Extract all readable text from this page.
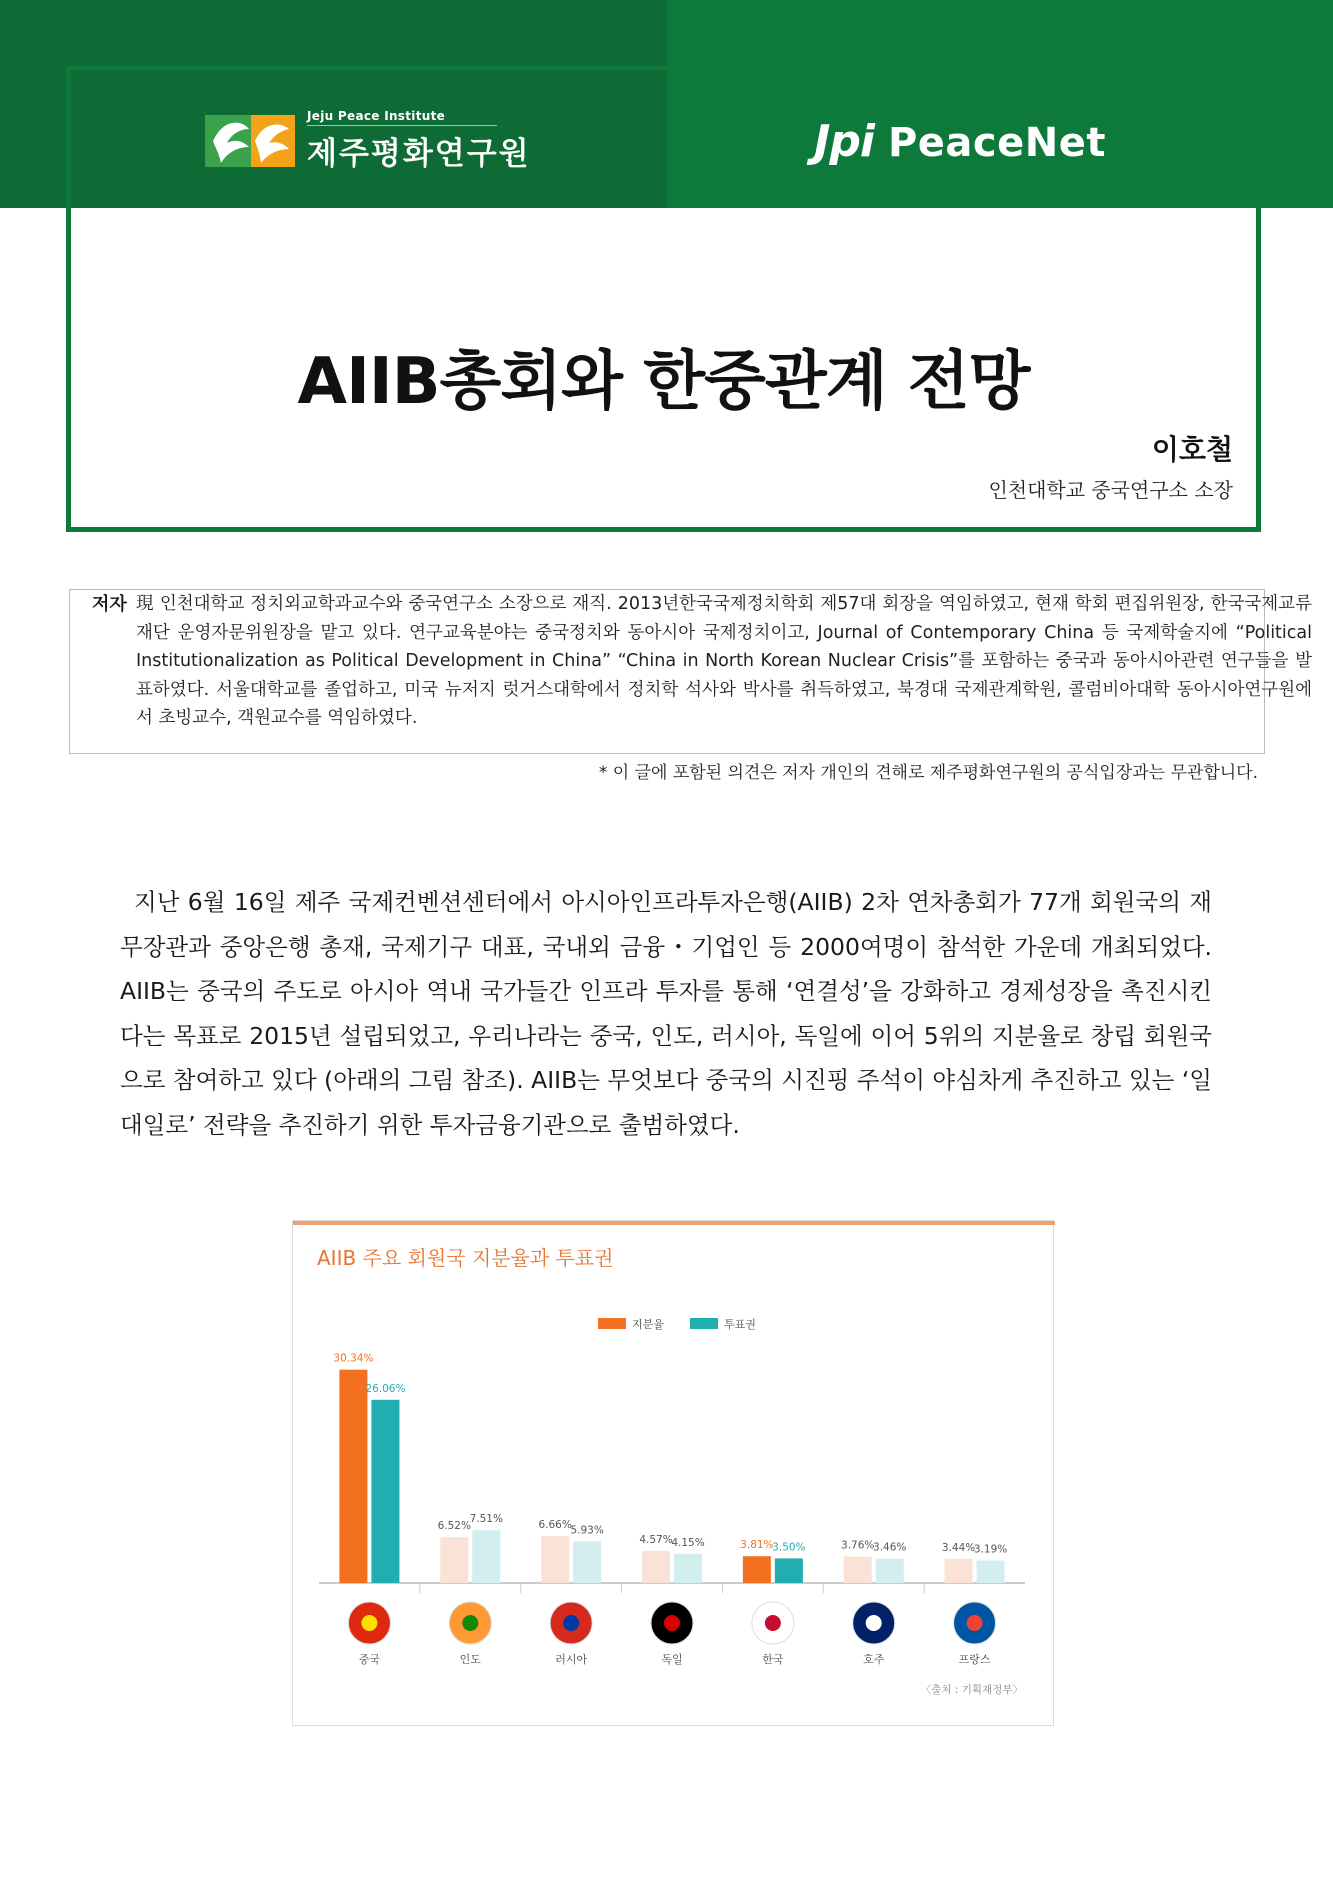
Jeju Peace Institute
제주평화연구원	Jpi PeaceNet
AIIB총회와 한중관계 전망
이호철
인천대학교 중국연구소 소장
저자 現 인천대학교 정치외교학과교수와 중국연구소 소장으로 재직. 2013년한국국제정치학회 제57대 회장을 역임하였고, 현재 학회 편집위원장, 한국국제교류재단 운영자문위원장을 맡고 있다. 연구교육분야는 중국정치와 동아시아 국제정치이고, Journal of Contemporary China 등 국제학술지에 “Political Institutionalization as Political Development in China” “China in North Korean Nuclear Crisis”를 포함하는 중국과 동아시아관련 연구들을 발표하였다. 서울대학교를 졸업하고, 미국 뉴저지 럿거스대학에서 정치학 석사와 박사를 취득하였고, 북경대 국제관계학원, 콜럼비아대학 동아시아연구원에서 초빙교수, 객원교수를 역임하였다.
* 이 글에 포함된 의견은 저자 개인의 견해로 제주평화연구원의 공식입장과는 무관합니다.

지난 6월 16일 제주 국제컨벤션센터에서 아시아인프라투자은행(AIIB) 2차 연차총회가 77개 회원국의 재무장관과 중앙은행 총재, 국제기구 대표, 국내외 금융・기업인 등 2000여명이 참석한 가운데 개최되었다. AIIB는 중국의 주도로 아시아 역내 국가들간 인프라 투자를 통해 ‘연결성’을 강화하고 경제성장을 촉진시킨다는 목표로 2015년 설립되었고, 우리나라는 중국, 인도, 러시아, 독일에 이어 5위의 지분율로 창립 회원국으로 참여하고 있다 (아래의 그림 참조). AIIB는 무엇보다 중국의 시진핑 주석이 야심차게 추진하고 있는 ‘일대일로’ 전략을 추진하기 위한 투자금융기관으로 출범하였다.

AIIB 주요 회원국 지분율과 투표권
지분율	투표권
30.34%
26.06%
중국
6.52%
7.51%
인도
6.66%
5.93%
러시아
4.57%
4.15%
독일
3.81%
3.50%
한국
3.76%
3.46%
호주
3.44%
3.19%
프랑스
〈출처 : 기획재정부〉
